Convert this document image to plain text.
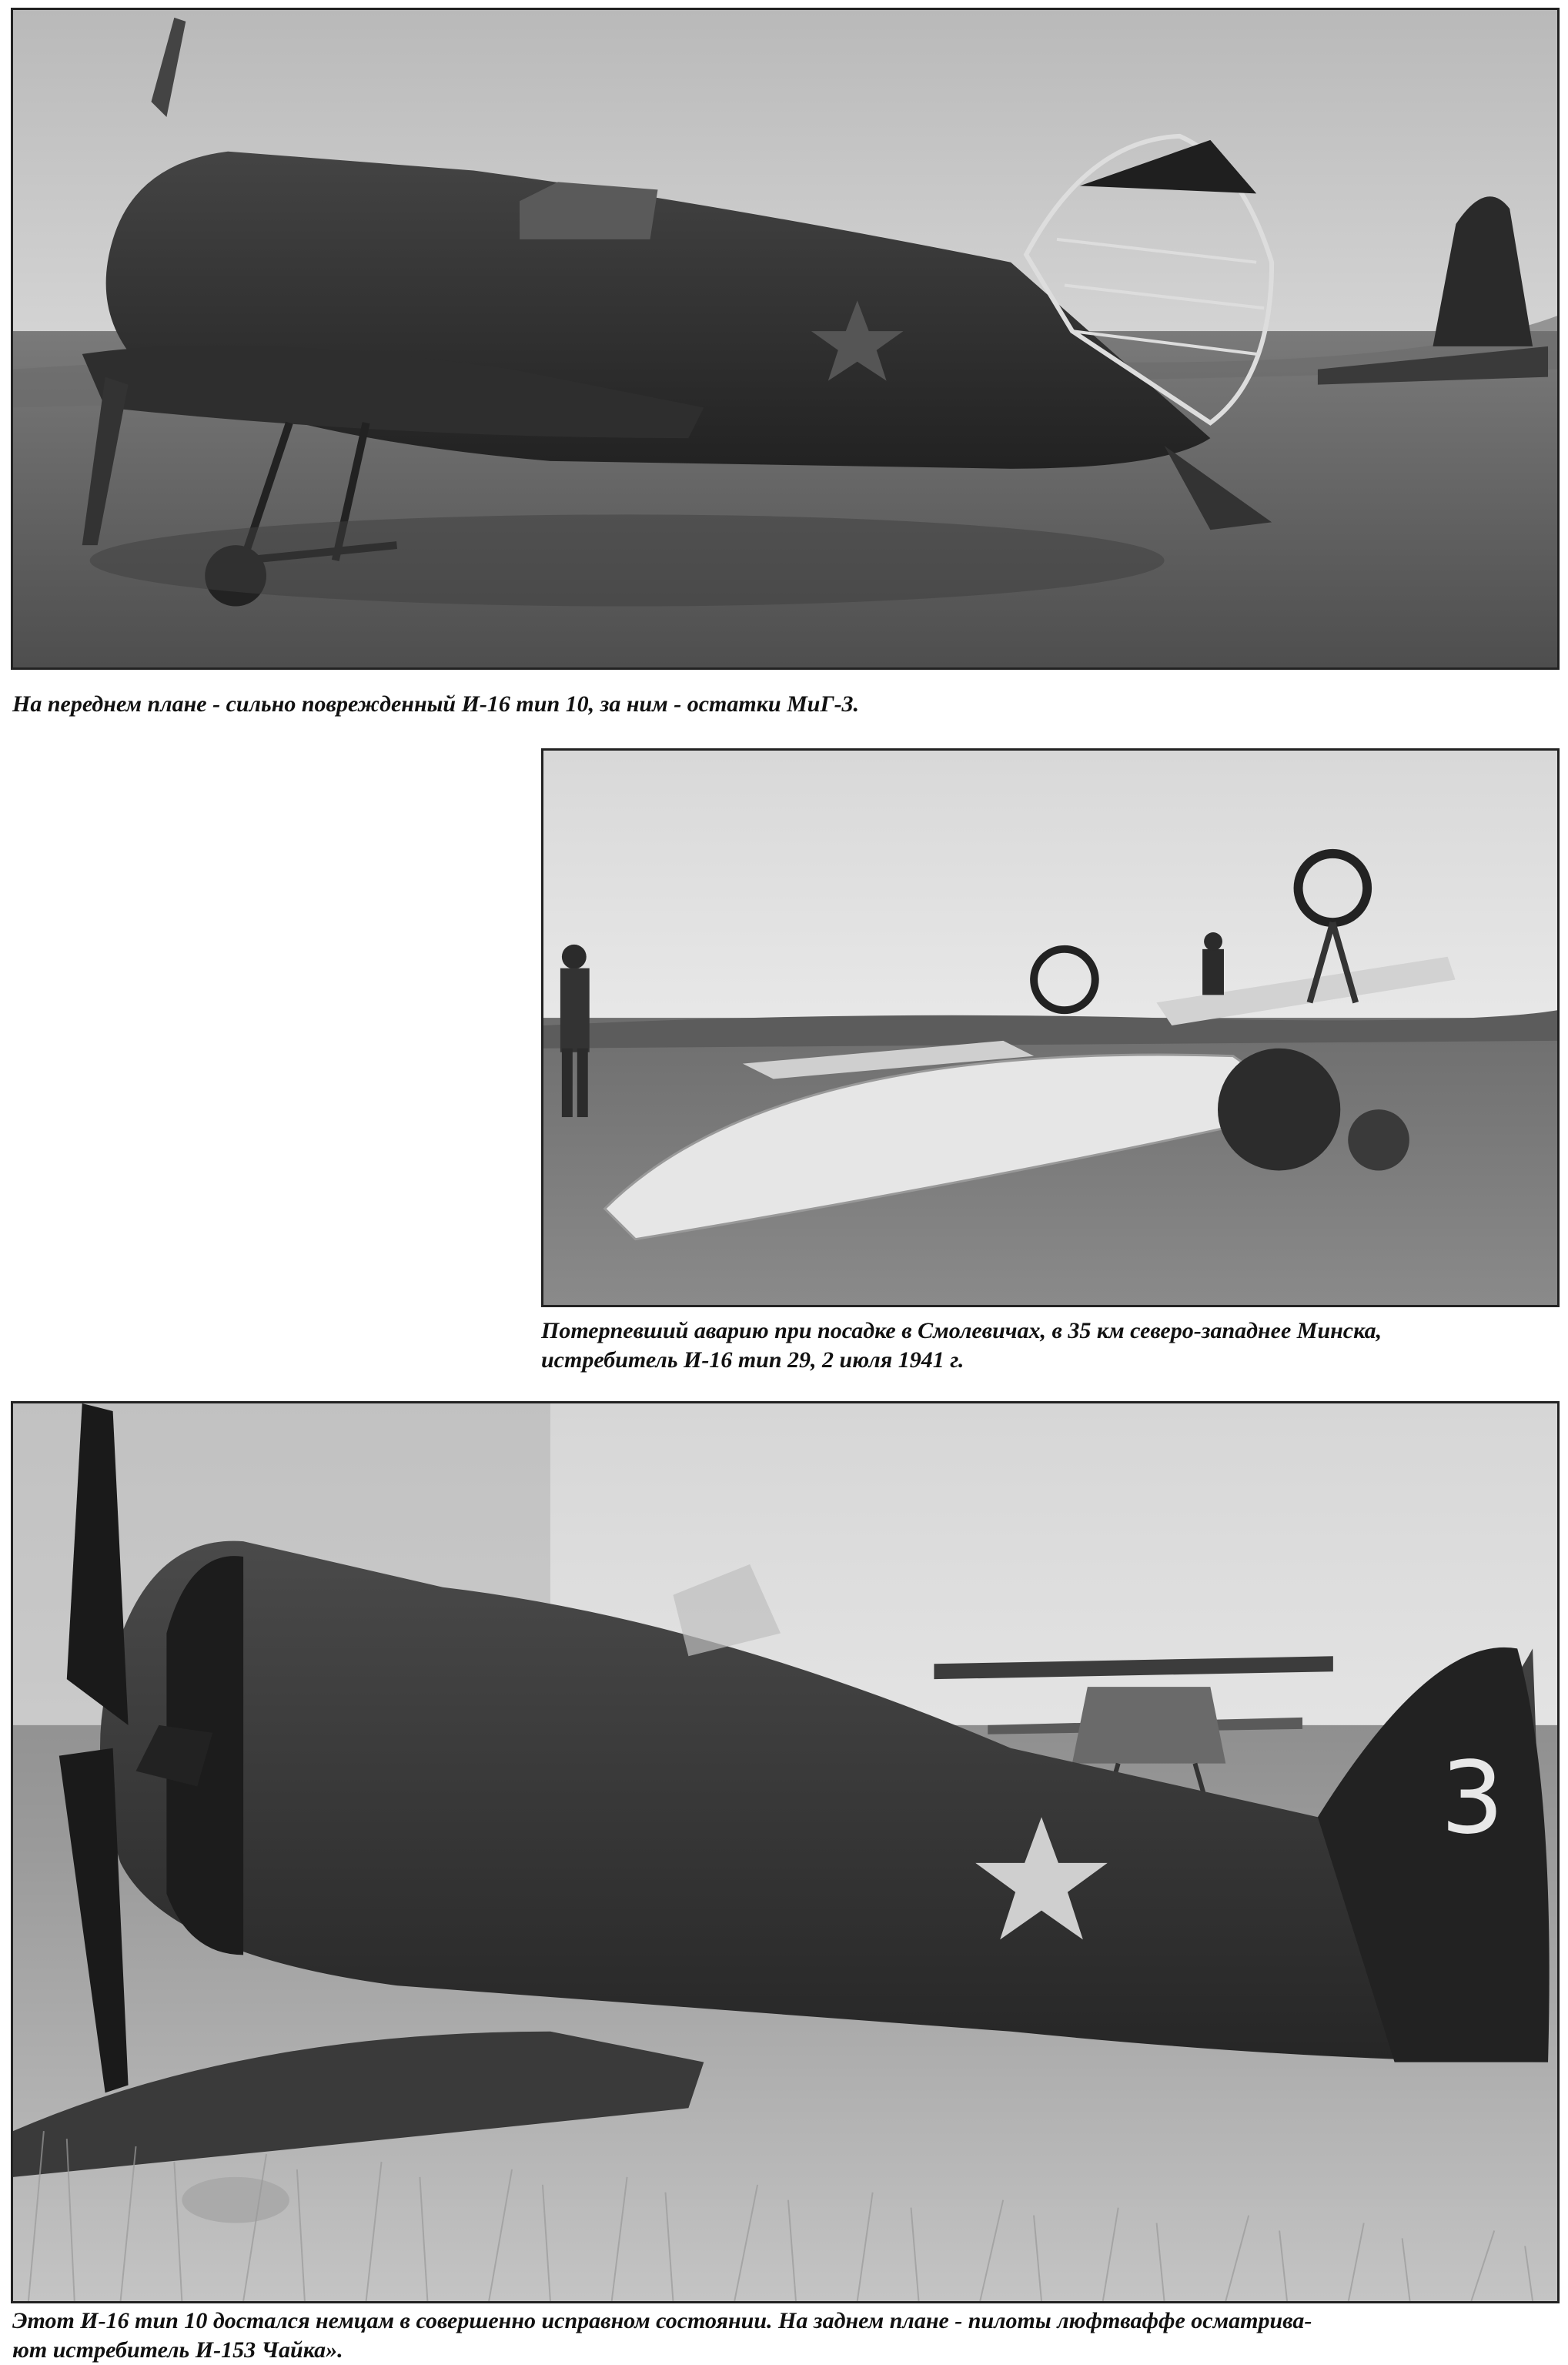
На переднем плане - сильно поврежденный И-16 тип 10, за ним - остатки МиГ-3.

Потерпевший аварию при посадке в Смолевичах, в 35 км северо-западнее Минска,
истребитель И-16 тип 29, 2 июля 1941 г.

3

Этот И-16 тип 10 достался немцам в совершенно исправном состоянии. На заднем плане - пилоты люфтваффе осматрива-
ют истребитель И-153 Чайка».
